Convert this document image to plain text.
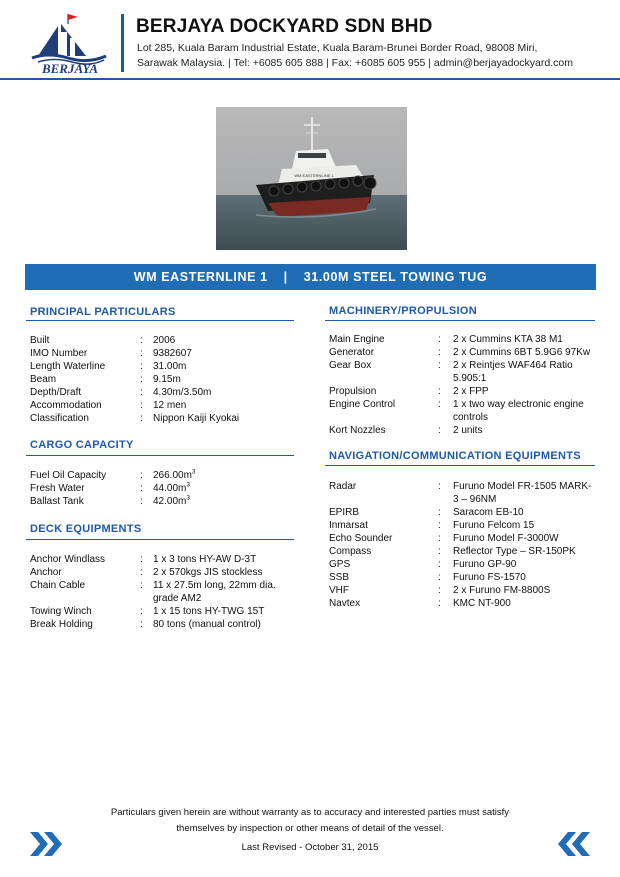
BERJAYA
BERJAYA DOCKYARD SDN BHD
Lot 285, Kuala Baram Industrial Estate, Kuala Baram-Brunei Border Road, 98008 Miri,
Sarawak Malaysia. | Tel: +6085 605 888 | Fax: +6085 605 955 | admin@berjayadockyard.com
WM EASTERNLINE 1
WM EASTERNLINE 1 | 31.00M STEEL TOWING TUG
PRINCIPAL PARTICULARS
Built	:	2006
IMO Number	:	9382607
Length Waterline	:	31.00m
Beam	:	9.15m
Depth/Draft	:	4.30m/3.50m
Accommodation	:	12 men
Classification	:	Nippon Kaiji Kyokai
CARGO CAPACITY
Fuel Oil Capacity	:	$266.00m^3$
Fresh Water	:	$44.00m^3$
Ballast Tank	:	$42.00m^3$
DECK EQUIPMENTS
Anchor Windlass	:	1 x 3 tons HY-AW D-3T
Anchor	:	2 x 570kgs JIS stockless
Chain Cable	:	11 x 27.5m long, 22mm dia. grade AM2
Towing Winch	:	1 x 15 tons HY-TWG 15T
Break Holding	:	80 tons (manual control)
MACHINERY/PROPULSION
Main Engine	:	2 x Cummins KTA 38 M1
Generator	:	2 x Cummins 6BT 5.9G6 97Kw
Gear Box	:	2 x Reintjes WAF464 Ratio 5.905:1
Propulsion	:	2 x FPP
Engine Control	:	1 x two way electronic engine controls
Kort Nozzles	:	2 units
NAVIGATION/COMMUNICATION EQUIPMENTS
Radar	:	Furuno Model FR-1505 MARK-3 – 96NM
EPIRB	:	Saracom EB-10
Inmarsat	:	Furuno Felcom 15
Echo Sounder	:	Furuno Model F-3000W
Compass	:	Reflector Type – SR-150PK
GPS	:	Furuno GP-90
SSB	:	Furuno FS-1570
VHF	:	2 x Furuno FM-8800S
Navtex	:	KMC NT-900
Particulars given herein are without warranty as to accuracy and interested parties must satisfy
themselves by inspection or other means of detail of the vessel.
Last Revised - October 31, 2015
